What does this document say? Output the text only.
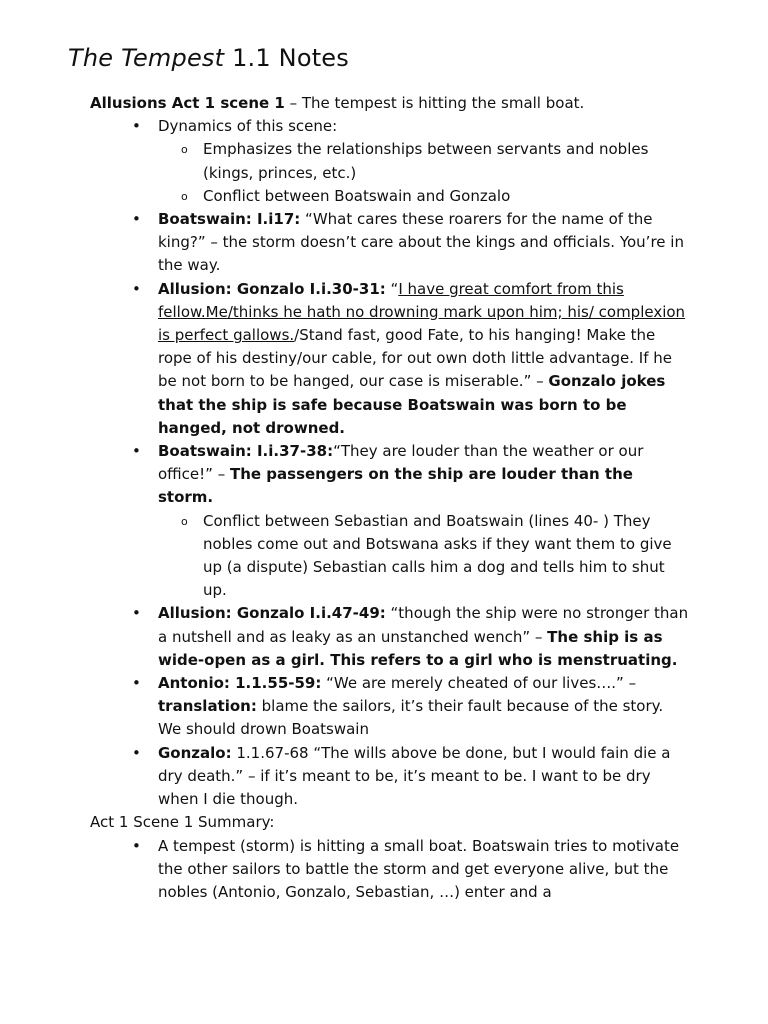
The Tempest 1.1 Notes

Allusions Act 1 scene 1 – The tempest is hitting the small boat.

• Dynamics of this scene:
o Emphasizes the relationships between servants and nobles (kings, princes, etc.)
o Conflict between Boatswain and Gonzalo
• Boatswain: I.i17: “What cares these roarers for the name of the king?” – the storm doesn’t care about the kings and officials. You’re in the way.
• Allusion: Gonzalo I.i.30-31: “I have great comfort from this fellow.Me/thinks he hath no drowning mark upon him; his/ complexion is perfect gallows./Stand fast, good Fate, to his hanging! Make the rope of his destiny/our cable, for out own doth little advantage. If he be not born to be hanged, our case is miserable.” – Gonzalo jokes that the ship is safe because Boatswain was born to be hanged, not drowned.
• Boatswain: I.i.37-38:“They are louder than the weather or our office!” – The passengers on the ship are louder than the storm.
o Conflict between Sebastian and Boatswain (lines 40- ) They nobles come out and Botswana asks if they want them to give up (a dispute) Sebastian calls him a dog and tells him to shut up.
• Allusion: Gonzalo I.i.47-49: “though the ship were no stronger than a nutshell and as leaky as an unstanched wench” – The ship is as wide-open as a girl. This refers to a girl who is menstruating.
• Antonio: 1.1.55-59: “We are merely cheated of our lives….” – translation: blame the sailors, it’s their fault because of the story. We should drown Boatswain
• Gonzalo: 1.1.67-68 “The wills above be done, but I would fain die a dry death.” – if it’s meant to be, it’s meant to be. I want to be dry when I die though.

Act 1 Scene 1 Summary:

• A tempest (storm) is hitting a small boat. Boatswain tries to motivate the other sailors to battle the storm and get everyone alive, but the nobles (Antonio, Gonzalo, Sebastian, …) enter and a
